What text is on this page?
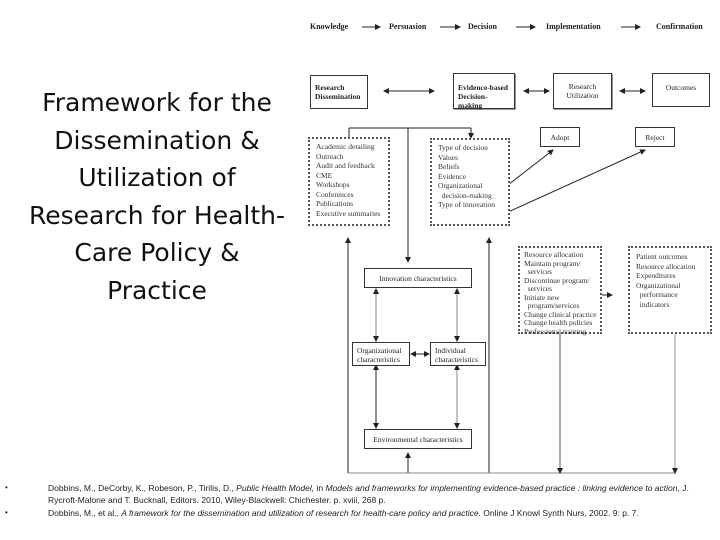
Framework for the
Dissemination &
Utilization of
Research for Health-
Care Policy &
Practice
Knowledge	Persuasion	Decision	Implementation	Confirmation
Research
Dissemination
Evidence-based
Decision-making
Research
Utilization
Outcomes
Academic detailing
Outreach
Audit and feedback
CME
Workshops
Conferences
Publications
Executive summaries
Type of decision
Values
Beliefs
Evidence
Organizational
decision-making
Type of innovation
Adopt	Reject
Resource allocation
Maintain program/
services
Discontinue program/
services
Initiate new
program/services
Change clinical practice
Change health policies
Professional training
Patient outcomes
Resource allocation
Expenditures
Organizational
performance
indicators
Innovation characteristics
Organizational
characteristics
Individual
characteristics
Environmental characteristics
•	Dobbins, M., DeCorby, K., Robeson, P., Tirilis, D., Public Health Model, in Models and frameworks for implementing evidence-based practice : linking evidence to action, J. Rycroft-Malone and T. Bucknall, Editors. 2010, Wiley-Blackwell: Chichester. p. xviii, 268 p.
•	Dobbins, M., et al., A framework for the dissemination and utilization of research for health-care policy and practice. Online J Knowl Synth Nurs, 2002. 9: p. 7.
